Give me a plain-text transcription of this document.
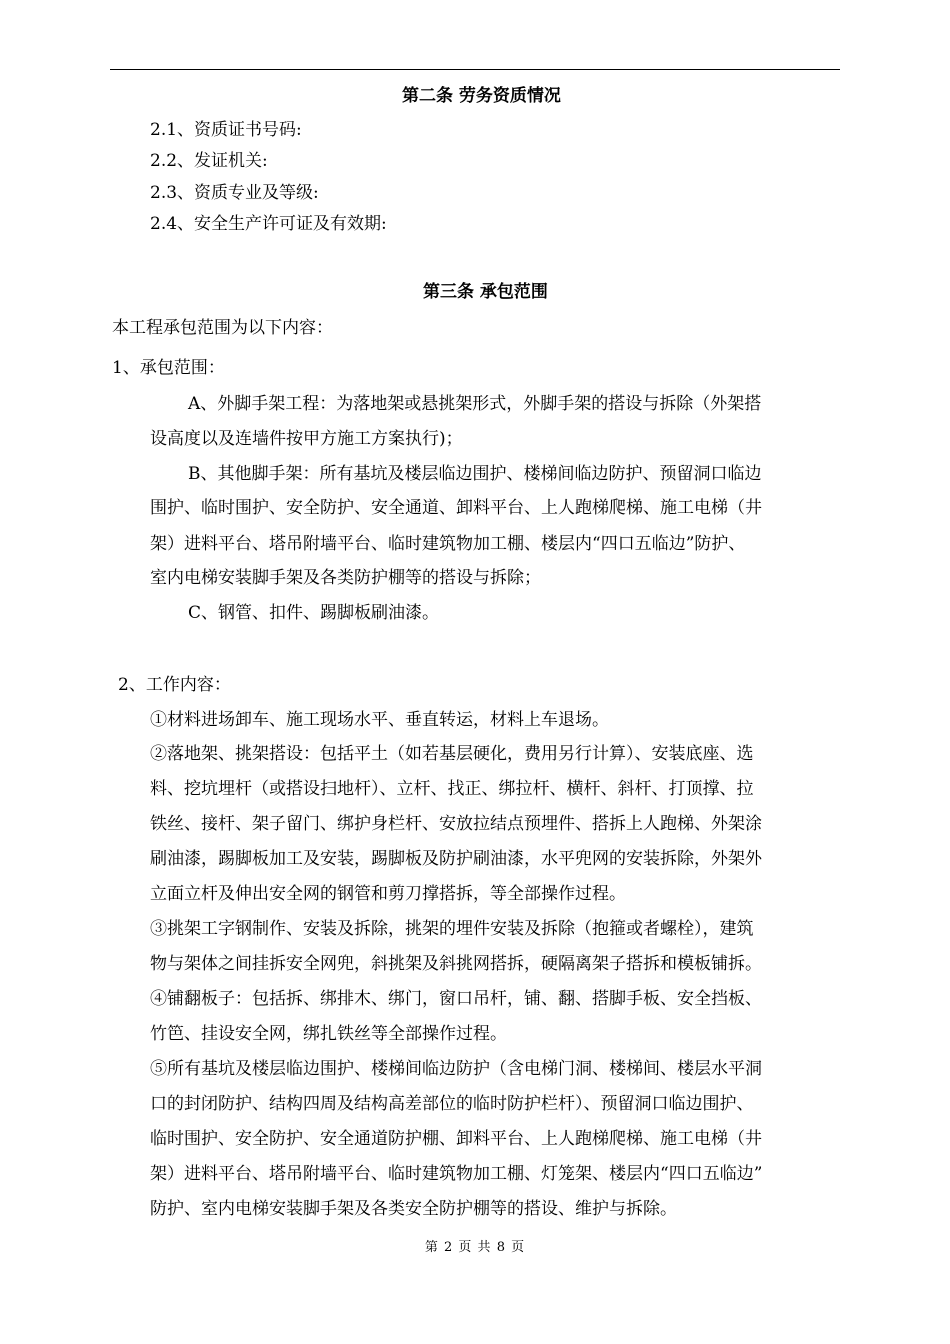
第二条 劳务资质情况
2.1、资质证书号码:
2.2、发证机关:
2.3、资质专业及等级:
2.4、安全生产许可证及有效期:
第三条 承包范围
本工程承包范围为以下内容：
1、承包范围：
A、外脚手架工程：为落地架或悬挑架形式，外脚手架的搭设与拆除（外架搭
设高度以及连墙件按甲方施工方案执行)；
B、其他脚手架：所有基坑及楼层临边围护、楼梯间临边防护、预留洞口临边
围护、临时围护、安全防护、安全通道、卸料平台、上人跑梯爬梯、施工电梯（井
架）进料平台、塔吊附墙平台、临时建筑物加工棚、楼层内“四口五临边”防护、
室内电梯安装脚手架及各类防护棚等的搭设与拆除；
C、钢管、扣件、踢脚板刷油漆。
2、工作内容：
①材料进场卸车、施工现场水平、垂直转运，材料上车退场。
②落地架、挑架搭设：包括平土（如若基层硬化，费用另行计算）、安装底座、选
料、挖坑埋杆（或搭设扫地杆）、立杆、找正、绑拉杆、横杆、斜杆、打顶撑、拉
铁丝、接杆、架子留门、绑护身栏杆、安放拉结点预埋件、搭拆上人跑梯、外架涂
刷油漆，踢脚板加工及安装，踢脚板及防护刷油漆，水平兜网的安装拆除，外架外
立面立杆及伸出安全网的钢管和剪刀撑搭拆，等全部操作过程。
③挑架工字钢制作、安装及拆除，挑架的埋件安装及拆除（抱箍或者螺栓），建筑
物与架体之间挂拆安全网兜，斜挑架及斜挑网搭拆，硬隔离架子搭拆和模板铺拆。
④铺翻板子：包括拆、绑排木、绑门，窗口吊杆，铺、翻、搭脚手板、安全挡板、
竹笆、挂设安全网，绑扎铁丝等全部操作过程。
⑤所有基坑及楼层临边围护、楼梯间临边防护（含电梯门洞、楼梯间、楼层水平洞
口的封闭防护、结构四周及结构高差部位的临时防护栏杆）、预留洞口临边围护、
临时围护、安全防护、安全通道防护棚、卸料平台、上人跑梯爬梯、施工电梯（井
架）进料平台、塔吊附墙平台、临时建筑物加工棚、灯笼架、楼层内“四口五临边”
防护、室内电梯安装脚手架及各类安全防护棚等的搭设、维护与拆除。
第 2 页 共 8 页
